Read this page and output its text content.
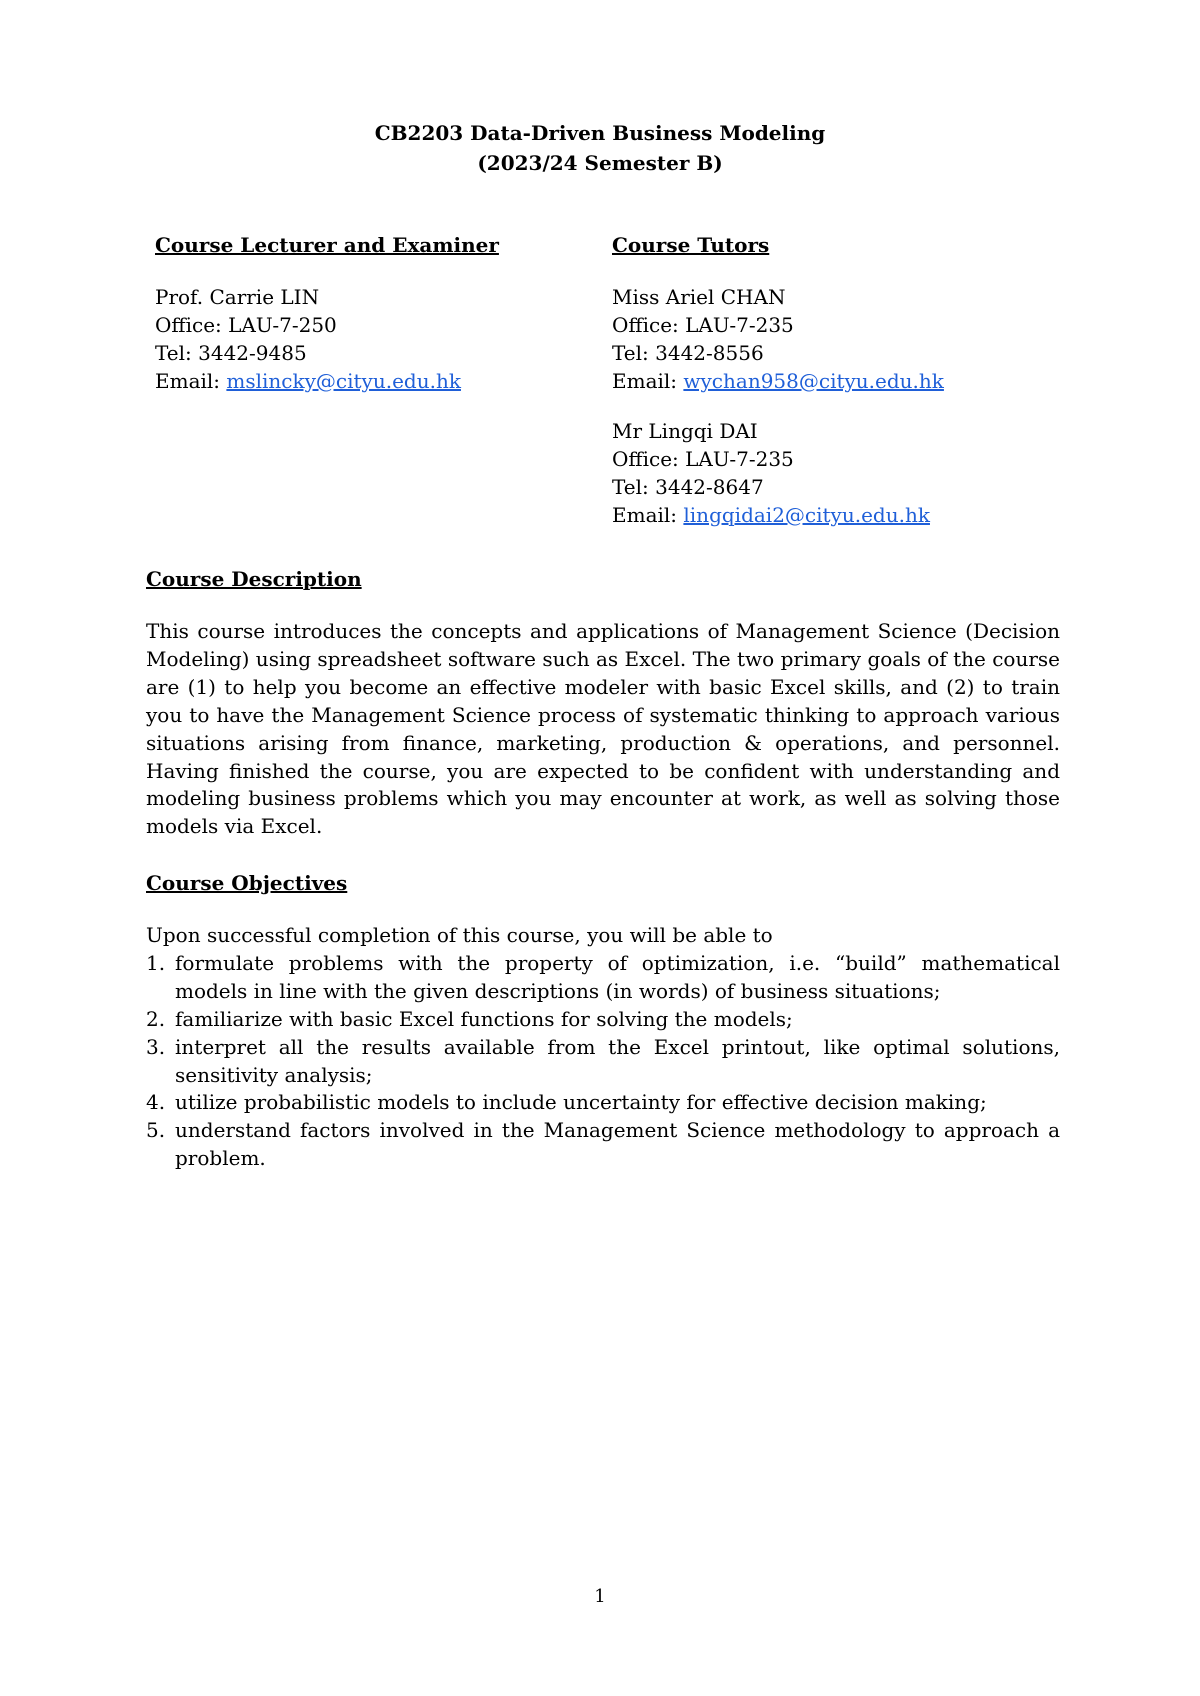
CB2203 Data-Driven Business Modeling
(2023/24 Semester B)
Course Lecturer and Examiner
Prof. Carrie LIN
Office: LAU-7-250
Tel: 3442-9485
Email: mslincky@cityu.edu.hk
Course Tutors
Miss Ariel CHAN
Office: LAU-7-235
Tel: 3442-8556
Email: wychan958@cityu.edu.hk
Mr Lingqi DAI
Office: LAU-7-235
Tel: 3442-8647
Email: lingqidai2@cityu.edu.hk
Course Description

This course introduces the concepts and applications of Management Science (Decision Modeling) using spreadsheet software such as Excel. The two primary goals of the course are (1) to help you become an effective modeler with basic Excel skills, and (2) to train you to have the Management Science process of systematic thinking to approach various situations arising from finance, marketing, production & operations, and personnel. Having finished the course, you are expected to be confident with understanding and modeling business problems which you may encounter at work, as well as solving those models via Excel.

Course Objectives
Upon successful completion of this course, you will be able to
1. formulate problems with the property of optimization, i.e. “build” mathematical models in line with the given descriptions (in words) of business situations;
2. familiarize with basic Excel functions for solving the models;
3. interpret all the results available from the Excel printout, like optimal solutions, sensitivity analysis;
4. utilize probabilistic models to include uncertainty for effective decision making;
5. understand factors involved in the Management Science methodology to approach a problem.
1
